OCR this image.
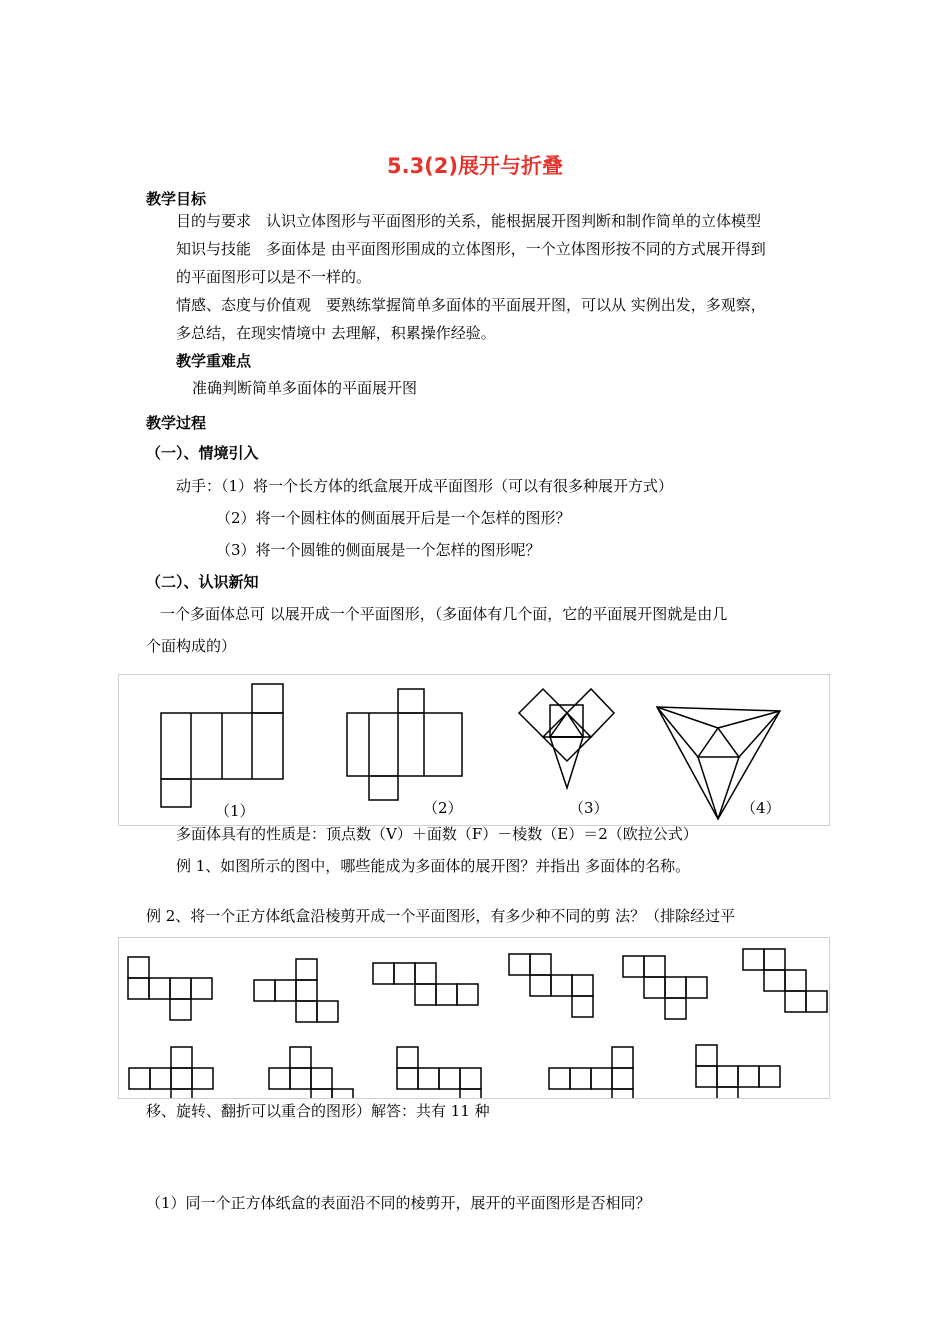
5.3(2)展开与折叠
教学目标
目的与要求　认识立体图形与平面图形的关系，能根据展开图判断和制作简单的立体模型
知识与技能　多面体是 由平面图形围成的立体图形，一个立体图形按不同的方式展开得到
的平面图形可以是不一样的。
情感、态度与价值观　要熟练掌握简单多面体的平面展开图，可以从 实例出发，多观察，
多总结，在现实情境中 去理解，积累操作经验。
教学重难点
准确判断简单多面体的平面展开图
教学过程
（一）、情境引入
动手：（1）将一个长方体的纸盒展开成平面图形（可以有很多种展开方式）
（2）将一个圆柱体的侧面展开后是一个怎样的图形？
（3）将一个圆锥的侧面展是一个怎样的图形呢？
（二）、认识新知
一个多面体总可 以展开成一个平面图形，（多面体有几个面，它的平面展开图就是由几
个面构成的）
（1）	（2）	（3）	（4）
多面体具有的性质是：顶点数（V）＋面数（F）－棱数（E）＝2（欧拉公式）
例 1、如图所示的图中，哪些能成为多面体的展开图？并指出 多面体的名称。
例 2、将一个正方体纸盒沿棱剪开成一个平面图形，有多少种不同的剪 法？（排除经过平
移、旋转、翻折可以重合的图形）解答：共有 11 种
（1）同一个正方体纸盒的表面沿不同的棱剪开，展开的平面图形是否相同？
